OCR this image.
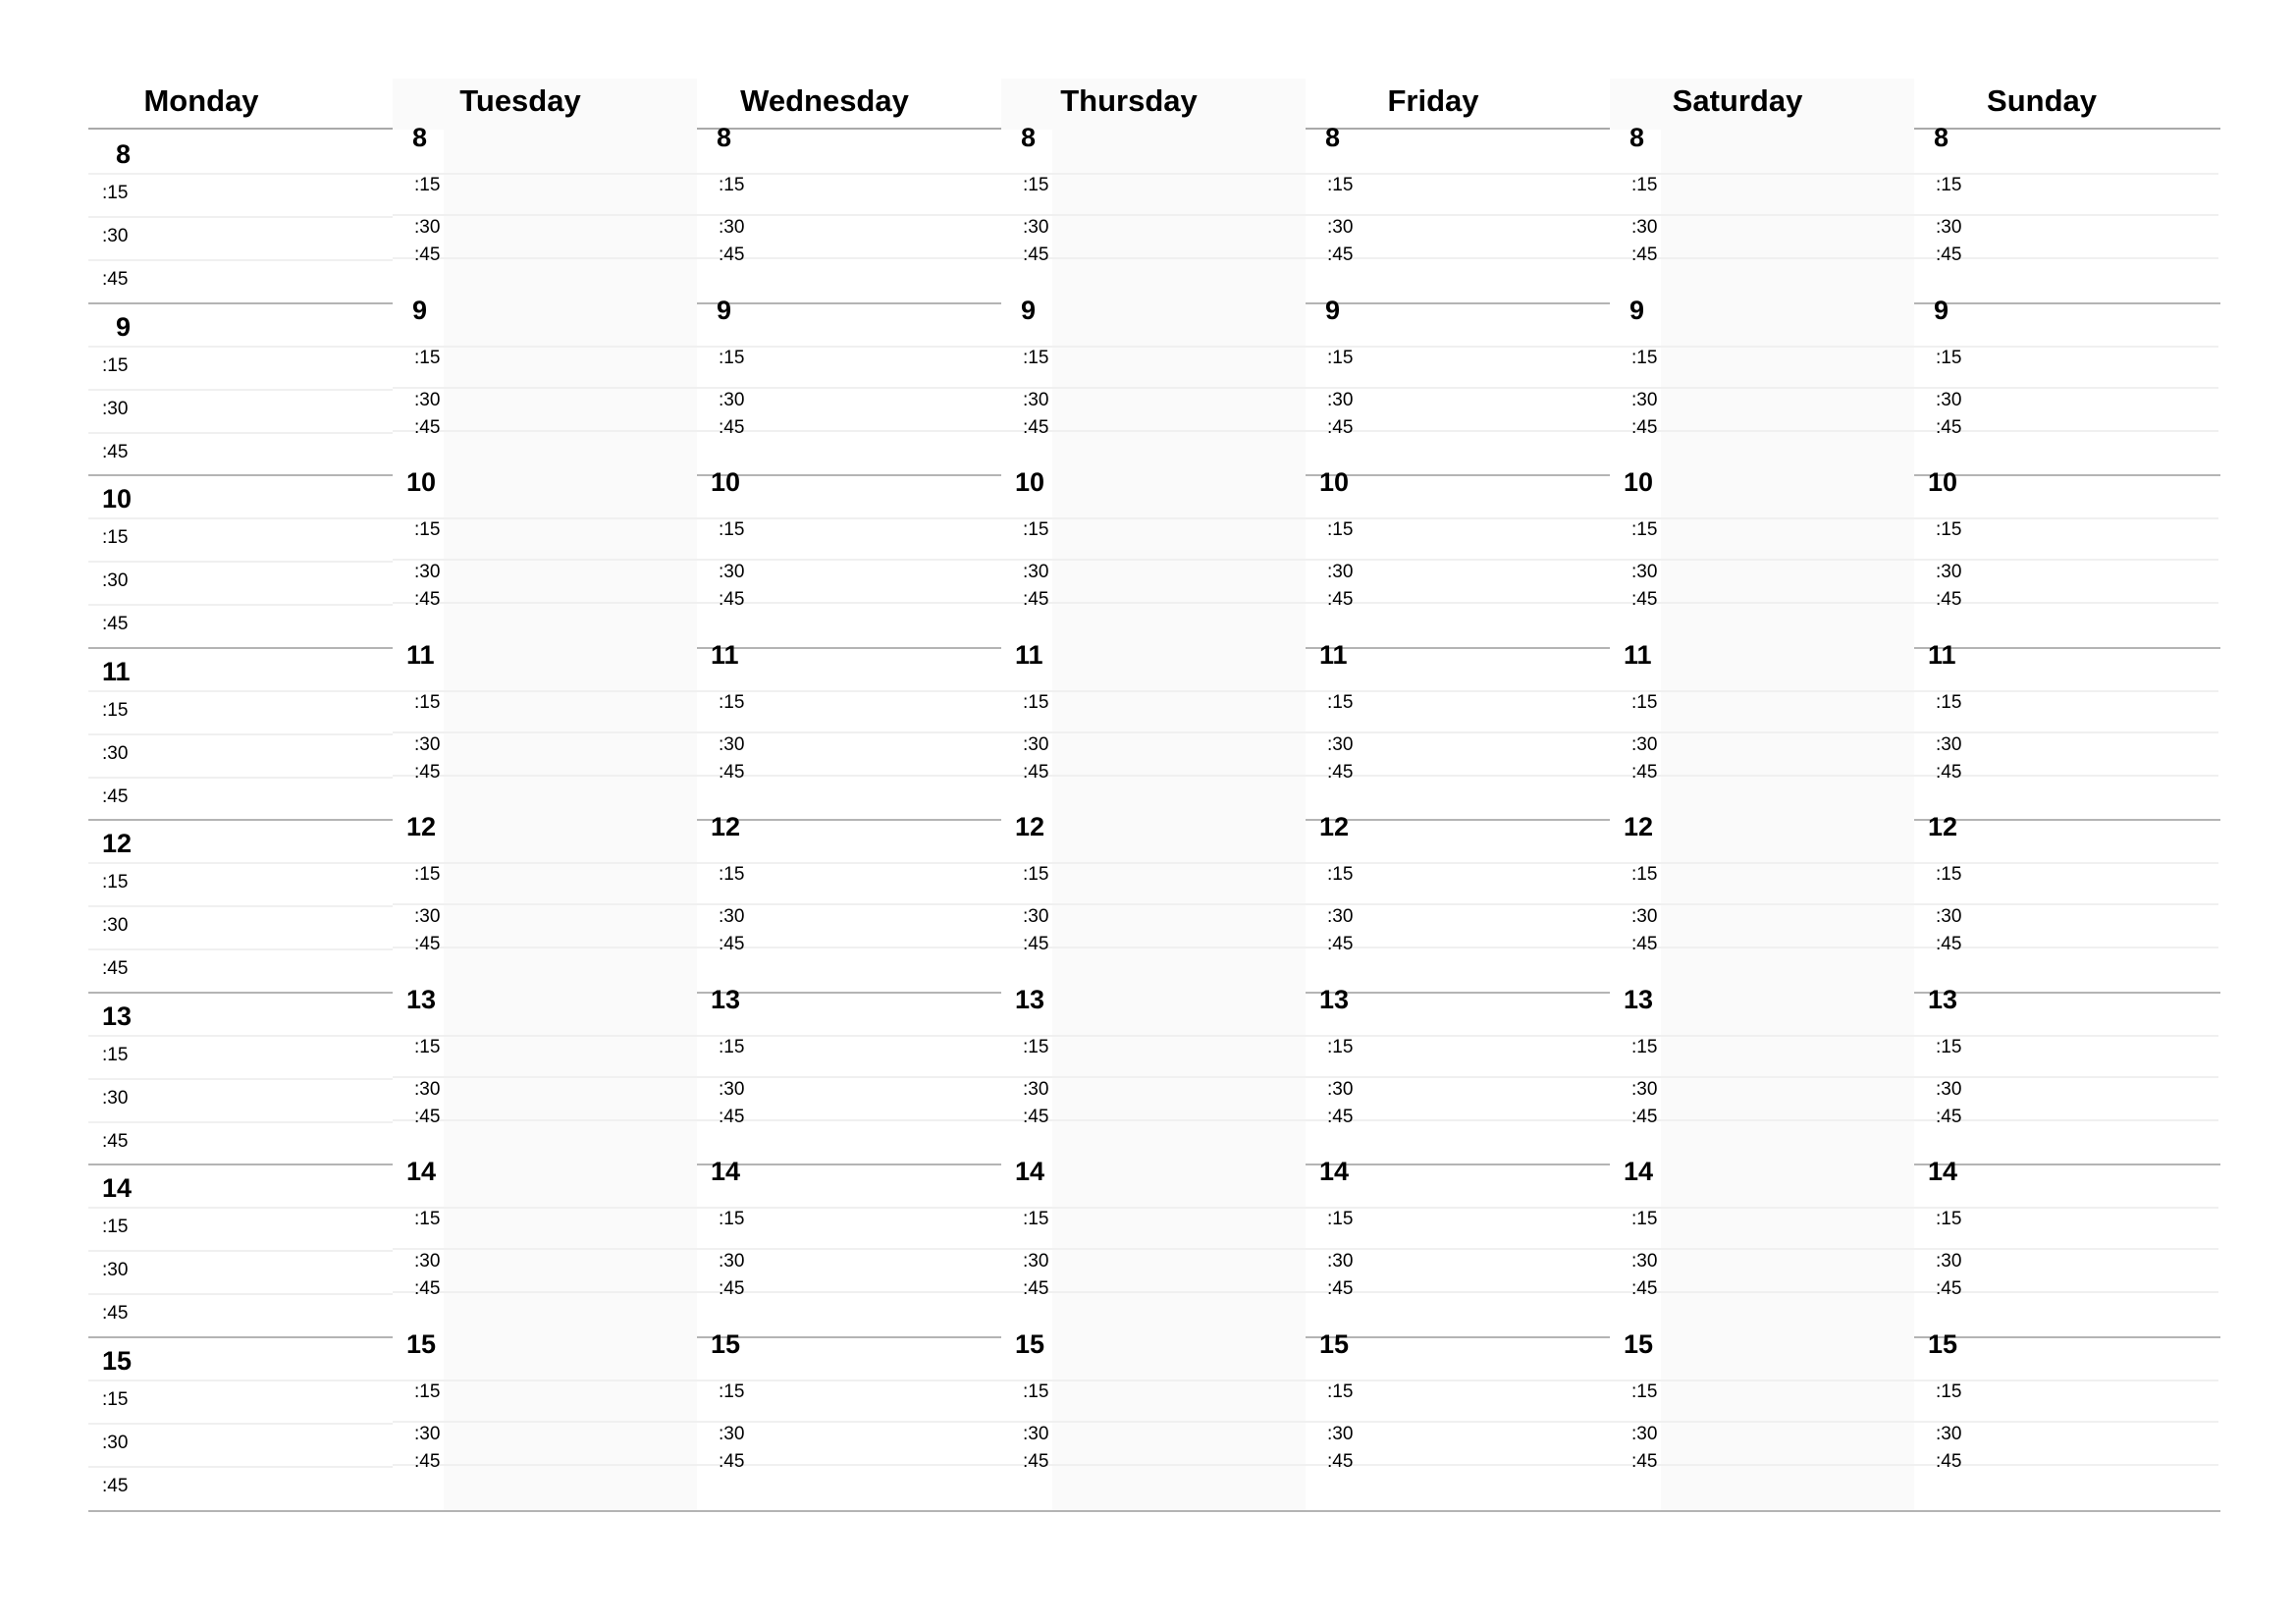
Monday
8
:15
:30
:45
9
:15
:30
:45
10
:15
:30
:45
11
:15
:30
:45
12
:15
:30
:45
13
:15
:30
:45
14
:15
:30
:45
15
:15
:30
:45
Tuesday
8
:15
:30
:45
9
:15
:30
:45
10
:15
:30
:45
11
:15
:30
:45
12
:15
:30
:45
13
:15
:30
:45
14
:15
:30
:45
15
:15
:30
:45
Wednesday
8
:15
:30
:45
9
:15
:30
:45
10
:15
:30
:45
11
:15
:30
:45
12
:15
:30
:45
13
:15
:30
:45
14
:15
:30
:45
15
:15
:30
:45
Thursday
8
:15
:30
:45
9
:15
:30
:45
10
:15
:30
:45
11
:15
:30
:45
12
:15
:30
:45
13
:15
:30
:45
14
:15
:30
:45
15
:15
:30
:45
Friday
8
:15
:30
:45
9
:15
:30
:45
10
:15
:30
:45
11
:15
:30
:45
12
:15
:30
:45
13
:15
:30
:45
14
:15
:30
:45
15
:15
:30
:45
Saturday
8
:15
:30
:45
9
:15
:30
:45
10
:15
:30
:45
11
:15
:30
:45
12
:15
:30
:45
13
:15
:30
:45
14
:15
:30
:45
15
:15
:30
:45
Sunday
8
:15
:30
:45
9
:15
:30
:45
10
:15
:30
:45
11
:15
:30
:45
12
:15
:30
:45
13
:15
:30
:45
14
:15
:30
:45
15
:15
:30
:45
